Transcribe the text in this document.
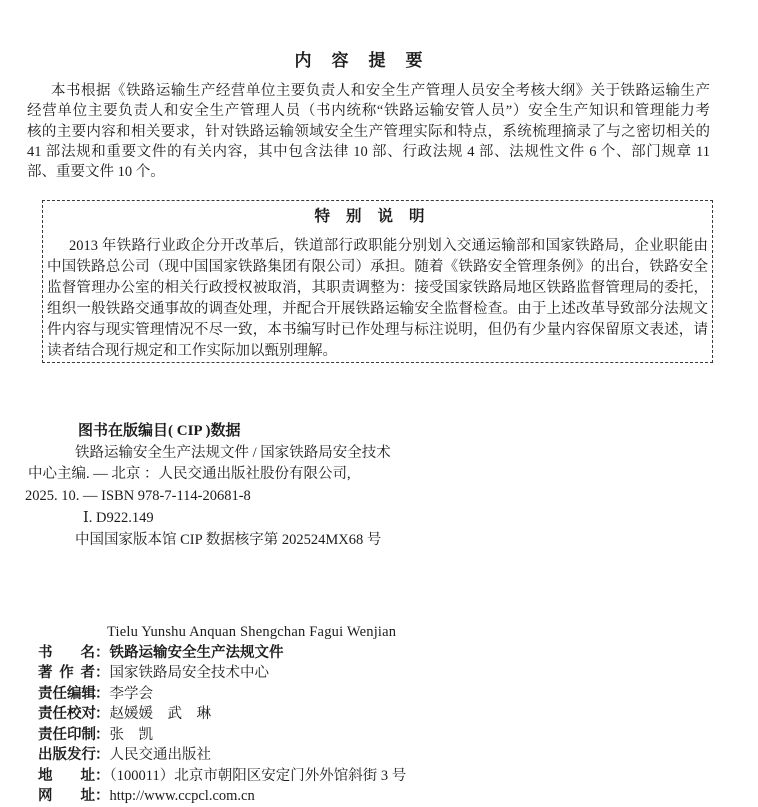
内容提要
本书根据《铁路运输生产经营单位主要负责人和安全生产管理人员安全考核大纲》关于铁路运输生产
经营单位主要负责人和安全生产管理人员（书内统称“铁路运输安管人员”）安全生产知识和管理能力考
核的主要内容和相关要求，针对铁路运输领域安全生产管理实际和特点，系统梳理摘录了与之密切相关的
41 部法规和重要文件的有关内容，其中包含法律 10 部、行政法规 4 部、法规性文件 6 个、部门规章 11
部、重要文件 10 个。
特别说明
2013 年铁路行业政企分开改革后，铁道部行政职能分别划入交通运输部和国家铁路局，企业职能由
中国铁路总公司（现中国国家铁路集团有限公司）承担。随着《铁路安全管理条例》的出台，铁路安全
监督管理办公室的相关行政授权被取消，其职责调整为：接受国家铁路局地区铁路监督管理局的委托，
组织一般铁路交通事故的调查处理，并配合开展铁路运输安全监督检查。由于上述改革导致部分法规文
件内容与现实管理情况不尽一致，本书编写时已作处理与标注说明，但仍有少量内容保留原文表述，请
读者结合现行规定和工作实际加以甄别理解。
图书在版编目( CIP )数据
铁路运输安全生产法规文件 / 国家铁路局安全技术
中心主编. — 北京 ：人民交通出版社股份有限公司,
2025. 10. — ISBN 978-7-114-20681-8
Ⅰ. D922.149
中国国家版本馆 CIP 数据核字第 202524MX68 号
Tielu Yunshu Anquan Shengchan Fagui Wenjian
书名：铁路运输安全生产法规文件
著作者：国家铁路局安全技术中心
责任编辑：李学会
责任校对：赵媛媛　武　琳
责任印制：张　凯
出版发行：人民交通出版社
地址：（100011）北京市朝阳区安定门外外馆斜街 3 号
网址：http://www.ccpcl.com.cn
